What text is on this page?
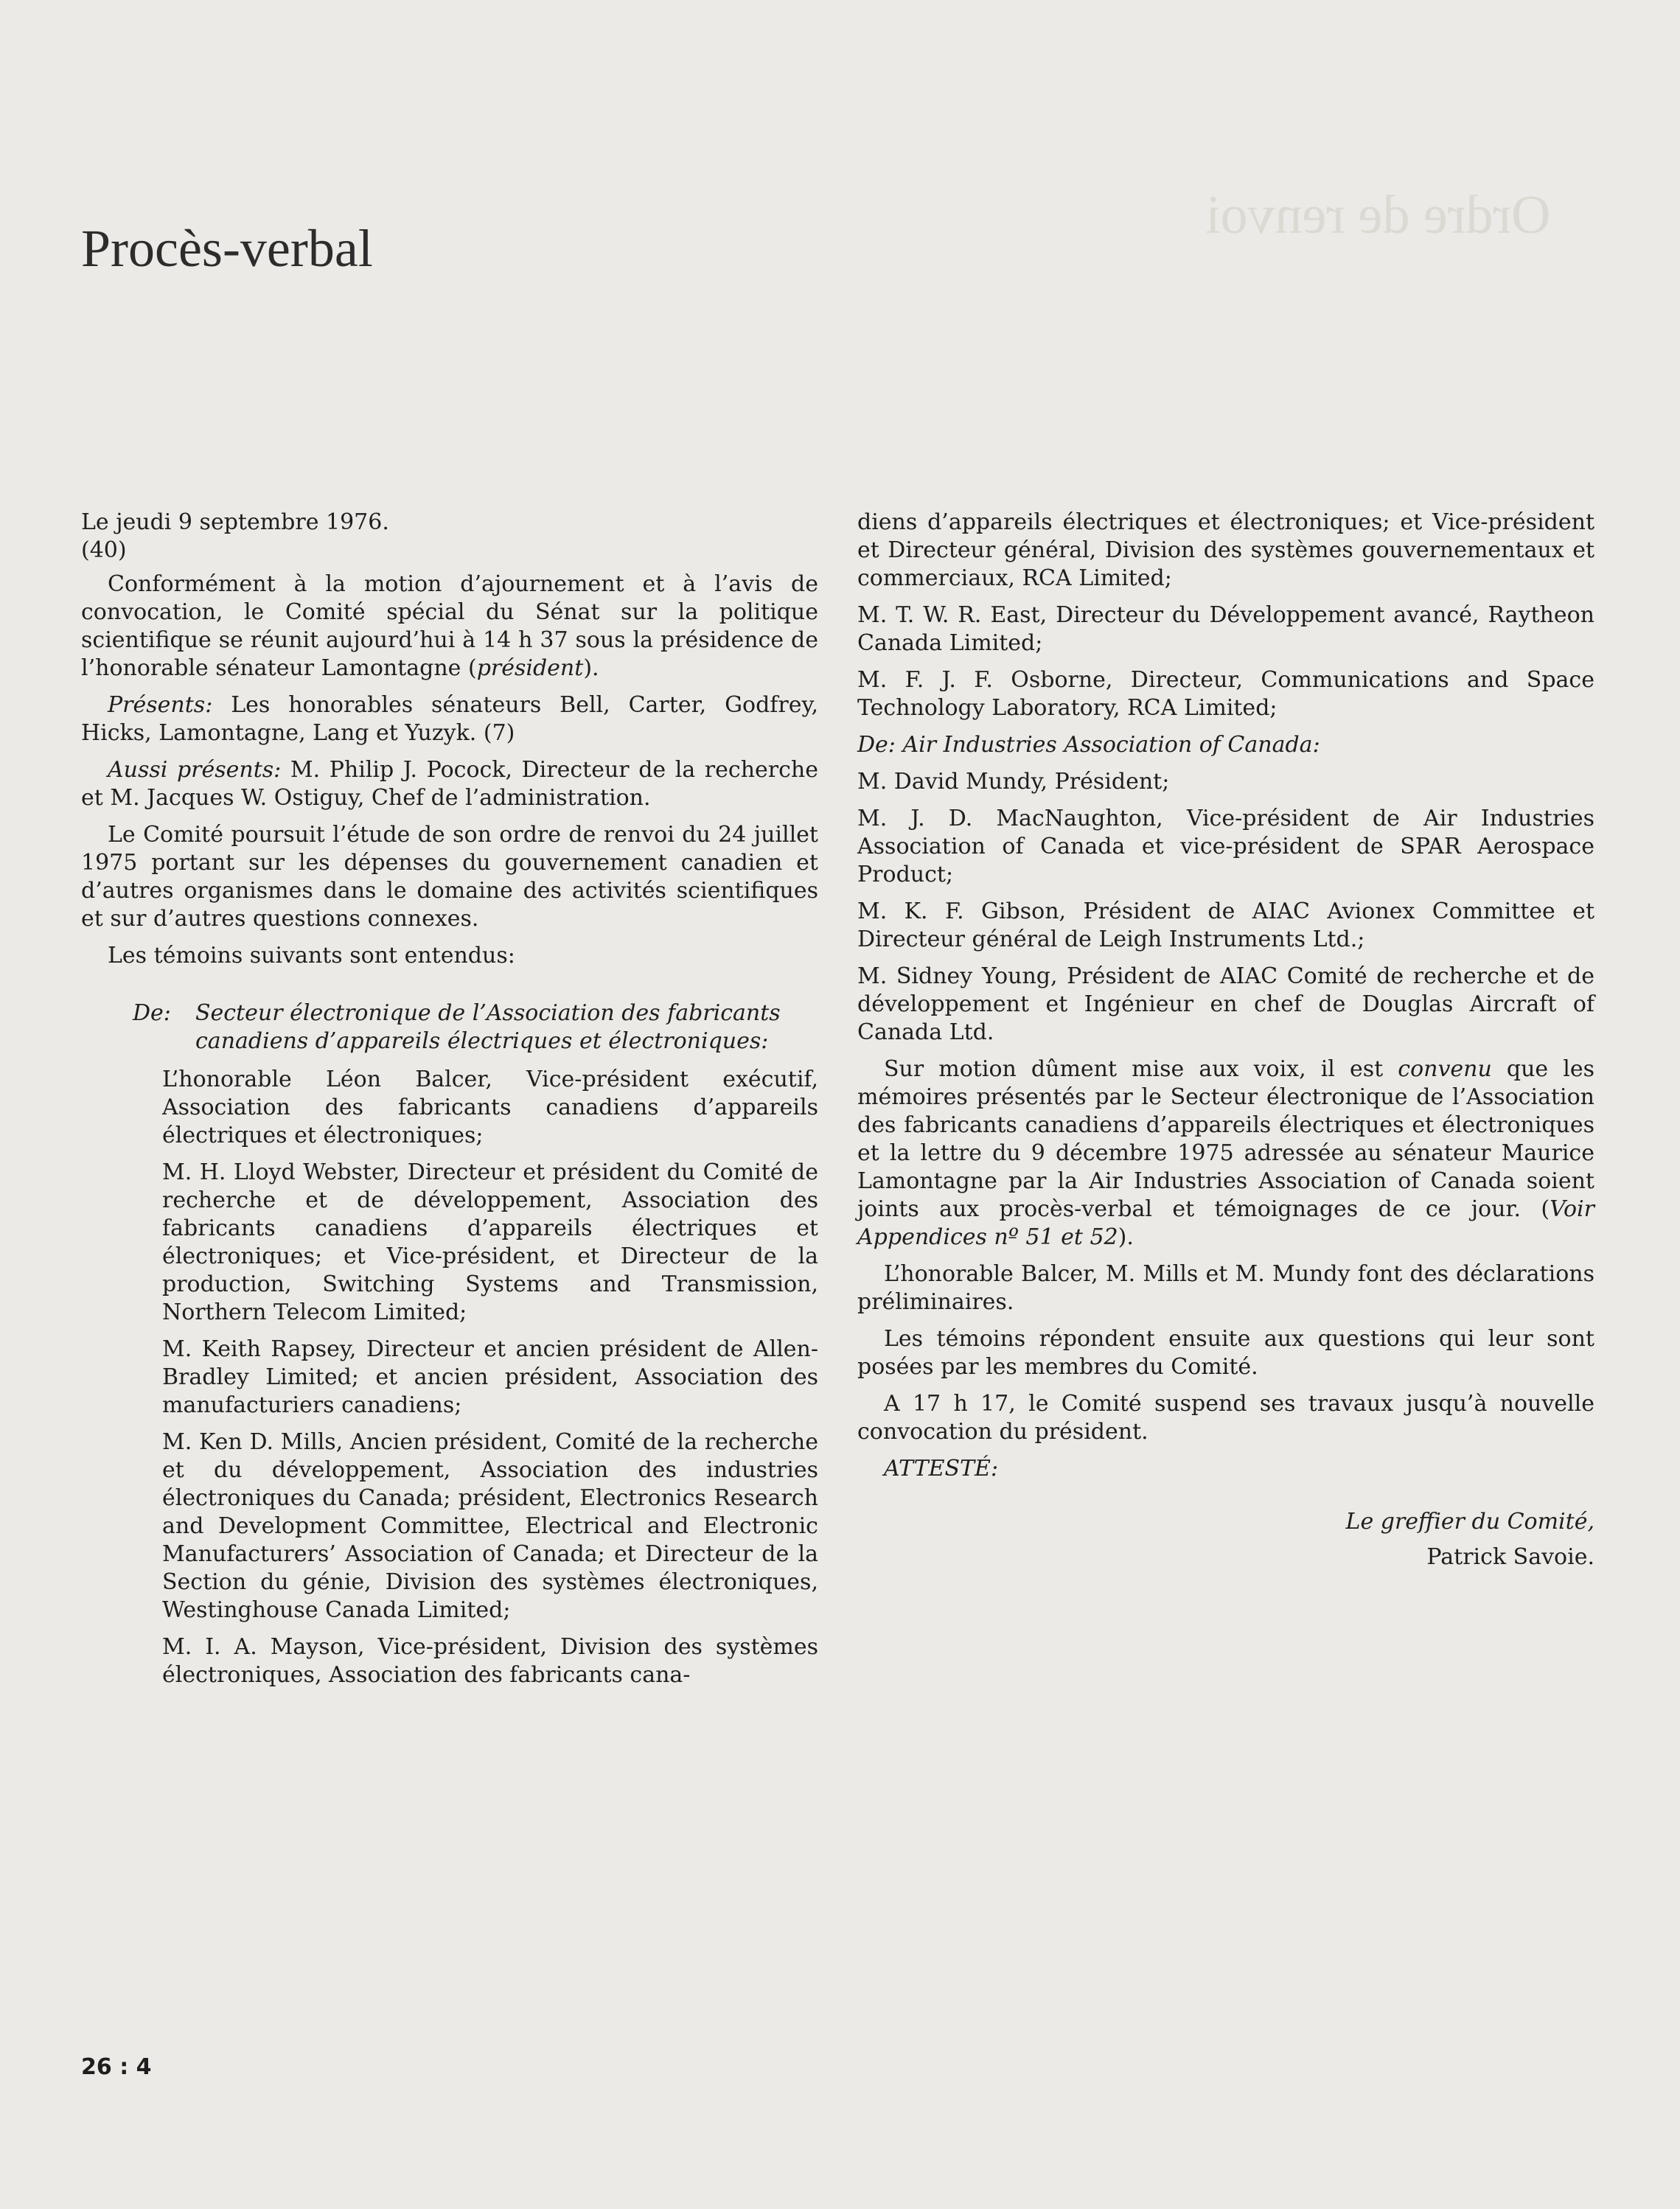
Ordre de renvoi
Procès-verbal

Le jeudi 9 septembre 1976.

(40)

Conformément à la motion d’ajournement et à l’avis de convocation, le Comité spécial du Sénat sur la politique scientifique se réunit aujourd’hui à 14 h 37 sous la présidence de l’honorable sénateur Lamontagne (président).

Présents: Les honorables sénateurs Bell, Carter, Godfrey, Hicks, Lamontagne, Lang et Yuzyk. (7)

Aussi présents: M. Philip J. Pocock, Directeur de la recherche et M. Jacques W. Ostiguy, Chef de l’administration.

Le Comité poursuit l’étude de son ordre de renvoi du 24 juillet 1975 portant sur les dépenses du gouvernement canadien et d’autres organismes dans le domaine des activités scientifiques et sur d’autres questions connexes.

Les témoins suivants sont entendus:

De:	Secteur électronique de l’Association des fabricants canadiens d’appareils électriques et électroniques:

L’honorable Léon Balcer, Vice-président exécutif, Association des fabricants canadiens d’appareils électriques et électroniques;

M. H. Lloyd Webster, Directeur et président du Comité de recherche et de développement, Association des fabricants canadiens d’appareils électriques et électroniques; et Vice-président, et Directeur de la production, Switching Systems and Transmission, Northern Telecom Limited;

M. Keith Rapsey, Directeur et ancien président de Allen-Bradley Limited; et ancien président, Association des manufacturiers canadiens;

M. Ken D. Mills, Ancien président, Comité de la recherche et du développement, Association des industries électroniques du Canada; président, Electronics Research and Development Committee, Electrical and Electronic Manufacturers’ Association of Canada; et Directeur de la Section du génie, Division des systèmes électroniques, Westinghouse Canada Limited;

M. I. A. Mayson, Vice-président, Division des systèmes électroniques, Association des fabricants cana-

diens d’appareils électriques et électroniques; et Vice-président et Directeur général, Division des systèmes gouvernementaux et commerciaux, RCA Limited;

M. T. W. R. East, Directeur du Développement avancé, Raytheon Canada Limited;

M. F. J. F. Osborne, Directeur, Communications and Space Technology Laboratory, RCA Limited;

De: Air Industries Association of Canada:

M. David Mundy, Président;

M. J. D. MacNaughton, Vice-président de Air Industries Association of Canada et vice-président de SPAR Aerospace Product;

M. K. F. Gibson, Président de AIAC Avionex Committee et Directeur général de Leigh Instruments Ltd.;

M. Sidney Young, Président de AIAC Comité de recherche et de développement et Ingénieur en chef de Douglas Aircraft of Canada Ltd.

Sur motion dûment mise aux voix, il est convenu que les mémoires présentés par le Secteur électronique de l’Association des fabricants canadiens d’appareils électriques et électroniques et la lettre du 9 décembre 1975 adressée au sénateur Maurice Lamontagne par la Air Industries Association of Canada soient joints aux procès-verbal et témoignages de ce jour. (Voir Appendices nº 51 et 52).

L’honorable Balcer, M. Mills et M. Mundy font des déclarations préliminaires.

Les témoins répondent ensuite aux questions qui leur sont posées par les membres du Comité.

A 17 h 17, le Comité suspend ses travaux jusqu’à nouvelle convocation du président.

ATTESTÉ:

Le greffier du Comité,
Patrick Savoie.
26 : 4
